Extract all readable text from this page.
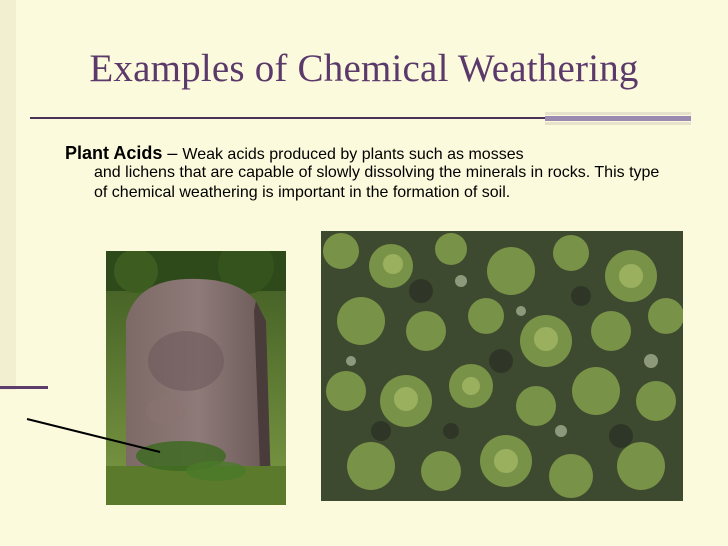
Examples of Chemical Weathering
Plant Acids – Weak acids produced by plants such as mosses
and lichens that are capable of slowly dissolving the minerals in rocks. This type of chemical weathering is important in the formation of soil.
